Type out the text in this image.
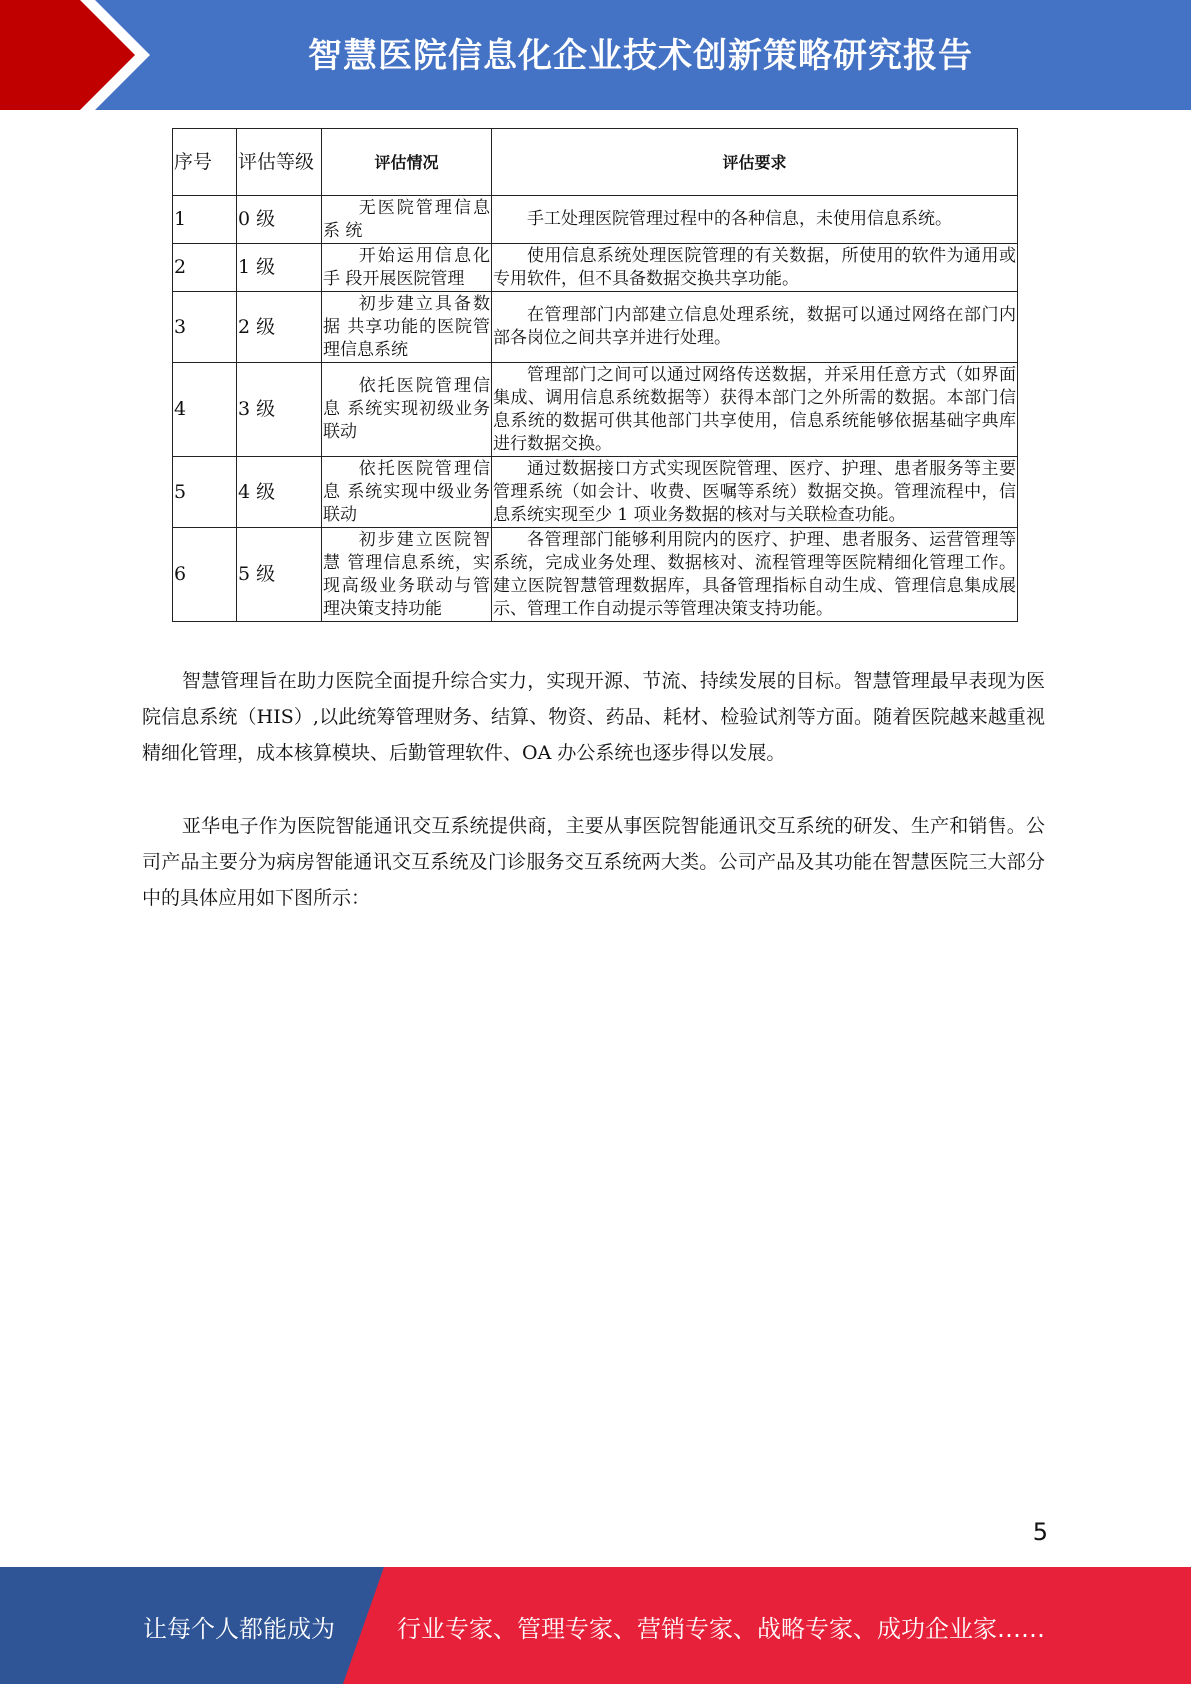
智慧医院信息化企业技术创新策略研究报告
序号	评估等级	评估情况	评估要求
1	0 级	无医院管理信息系 统	手工处理医院管理过程中的各种信息，未使用信息系统。
2	1 级	开始运用信息化手 段开展医院管理	使用信息系统处理医院管理的有关数据，所使用的软件为通用或 专用软件，但不具备数据交换共享功能。
3	2 级	初步建立具备数据 共享功能的医院管 理信息系统	在管理部门内部建立信息处理系统，数据可以通过网络在部门内 部各岗位之间共享并进行处理。
4	3 级	依托医院管理信息 系统实现初级业务 联动	管理部门之间可以通过网络传送数据，并采用任意方式（如界面 集成、调用信息系统数据等）获得本部门之外所需的数据。本部门信息系统的数据可供其他部门共享使用，信息系统能够依据基础字典库进行数据交换。
5	4 级	依托医院管理信息 系统实现中级业务 联动	通过数据接口方式实现医院管理、医疗、护理、患者服务等主要 管理系统（如会计、收费、医嘱等系统）数据交换。管理流程中，信息系统实现至少 1 项业务数据的核对与关联检查功能。
6	5 级	初步建立医院智慧 管理信息系统，实现高级业务联动与管理决策支持功能	各管理部门能够利用院内的医疗、护理、患者服务、运营管理等 系统，完成业务处理、数据核对、流程管理等医院精细化管理工作。建立医院智慧管理数据库，具备管理指标自动生成、管理信息集成展示、管理工作自动提示等管理决策支持功能。

智慧管理旨在助力医院全面提升综合实力，实现开源、节流、持续发展的目标。智慧管理最早表现为医院信息系统（HIS）,以此统筹管理财务、结算、物资、药品、耗材、检验试剂等方面。随着医院越来越重视精细化管理，成本核算模块、后勤管理软件、OA 办公系统也逐步得以发展。

亚华电子作为医院智能通讯交互系统提供商，主要从事医院智能通讯交互系统的研发、生产和销售。公司产品主要分为病房智能通讯交互系统及门诊服务交互系统两大类。公司产品及其功能在智慧医院三大部分中的具体应用如下图所示：

5
让每个人都能成为	行业专家、管理专家、营销专家、战略专家、成功企业家……
